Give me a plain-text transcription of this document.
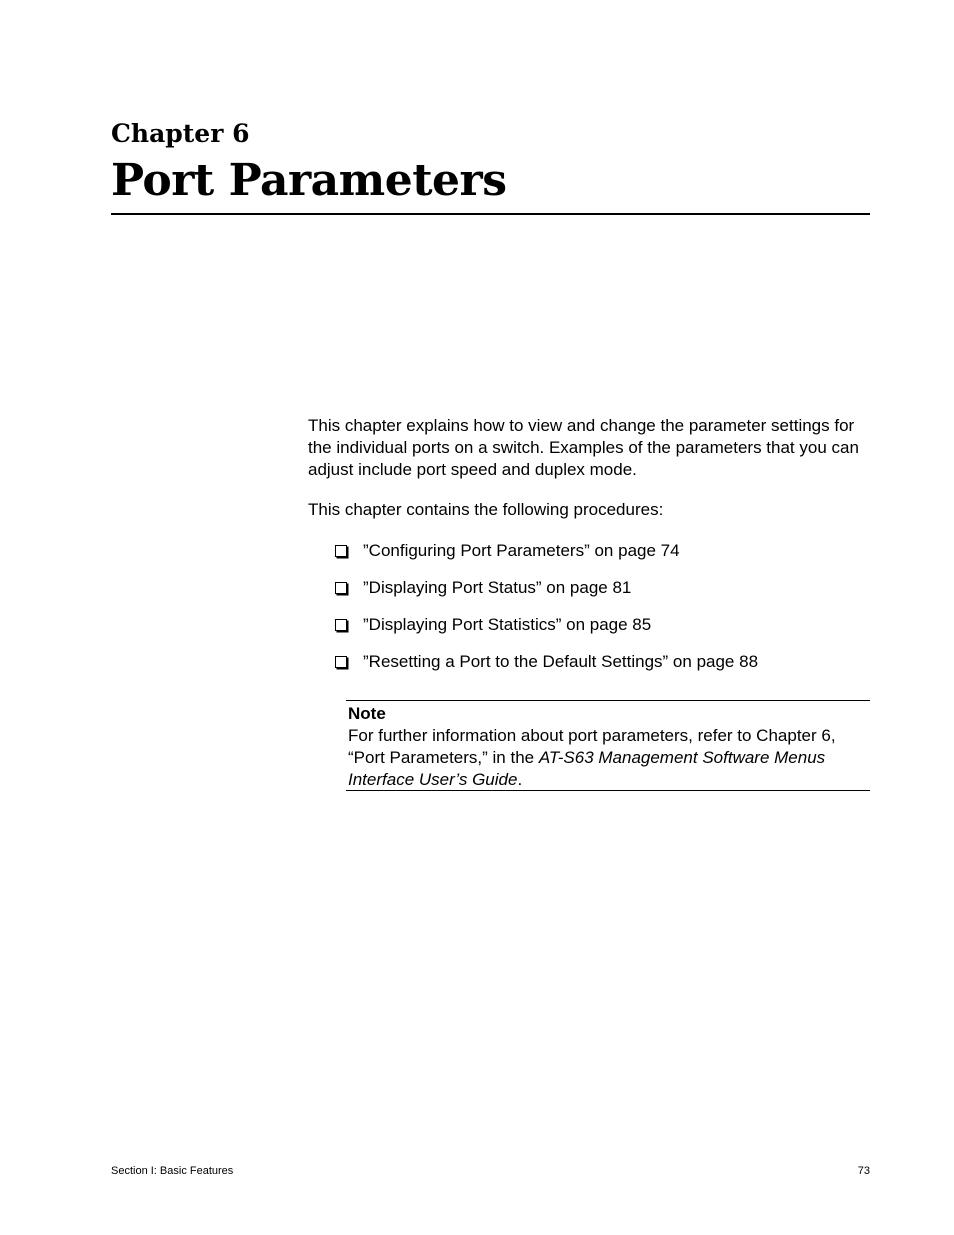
Chapter 6
Port Parameters

This chapter explains how to view and change the parameter settings for the individual ports on a switch. Examples of the parameters that you can adjust include port speed and duplex mode.

This chapter contains the following procedures:

”Configuring Port Parameters” on page 74
”Displaying Port Status” on page 81
”Displaying Port Statistics” on page 85
”Resetting a Port to the Default Settings” on page 88

Note

For further information about port parameters, refer to Chapter 6, “Port Parameters,” in the AT-S63 Management Software Menus Interface User’s Guide.

Section I: Basic Features	73
